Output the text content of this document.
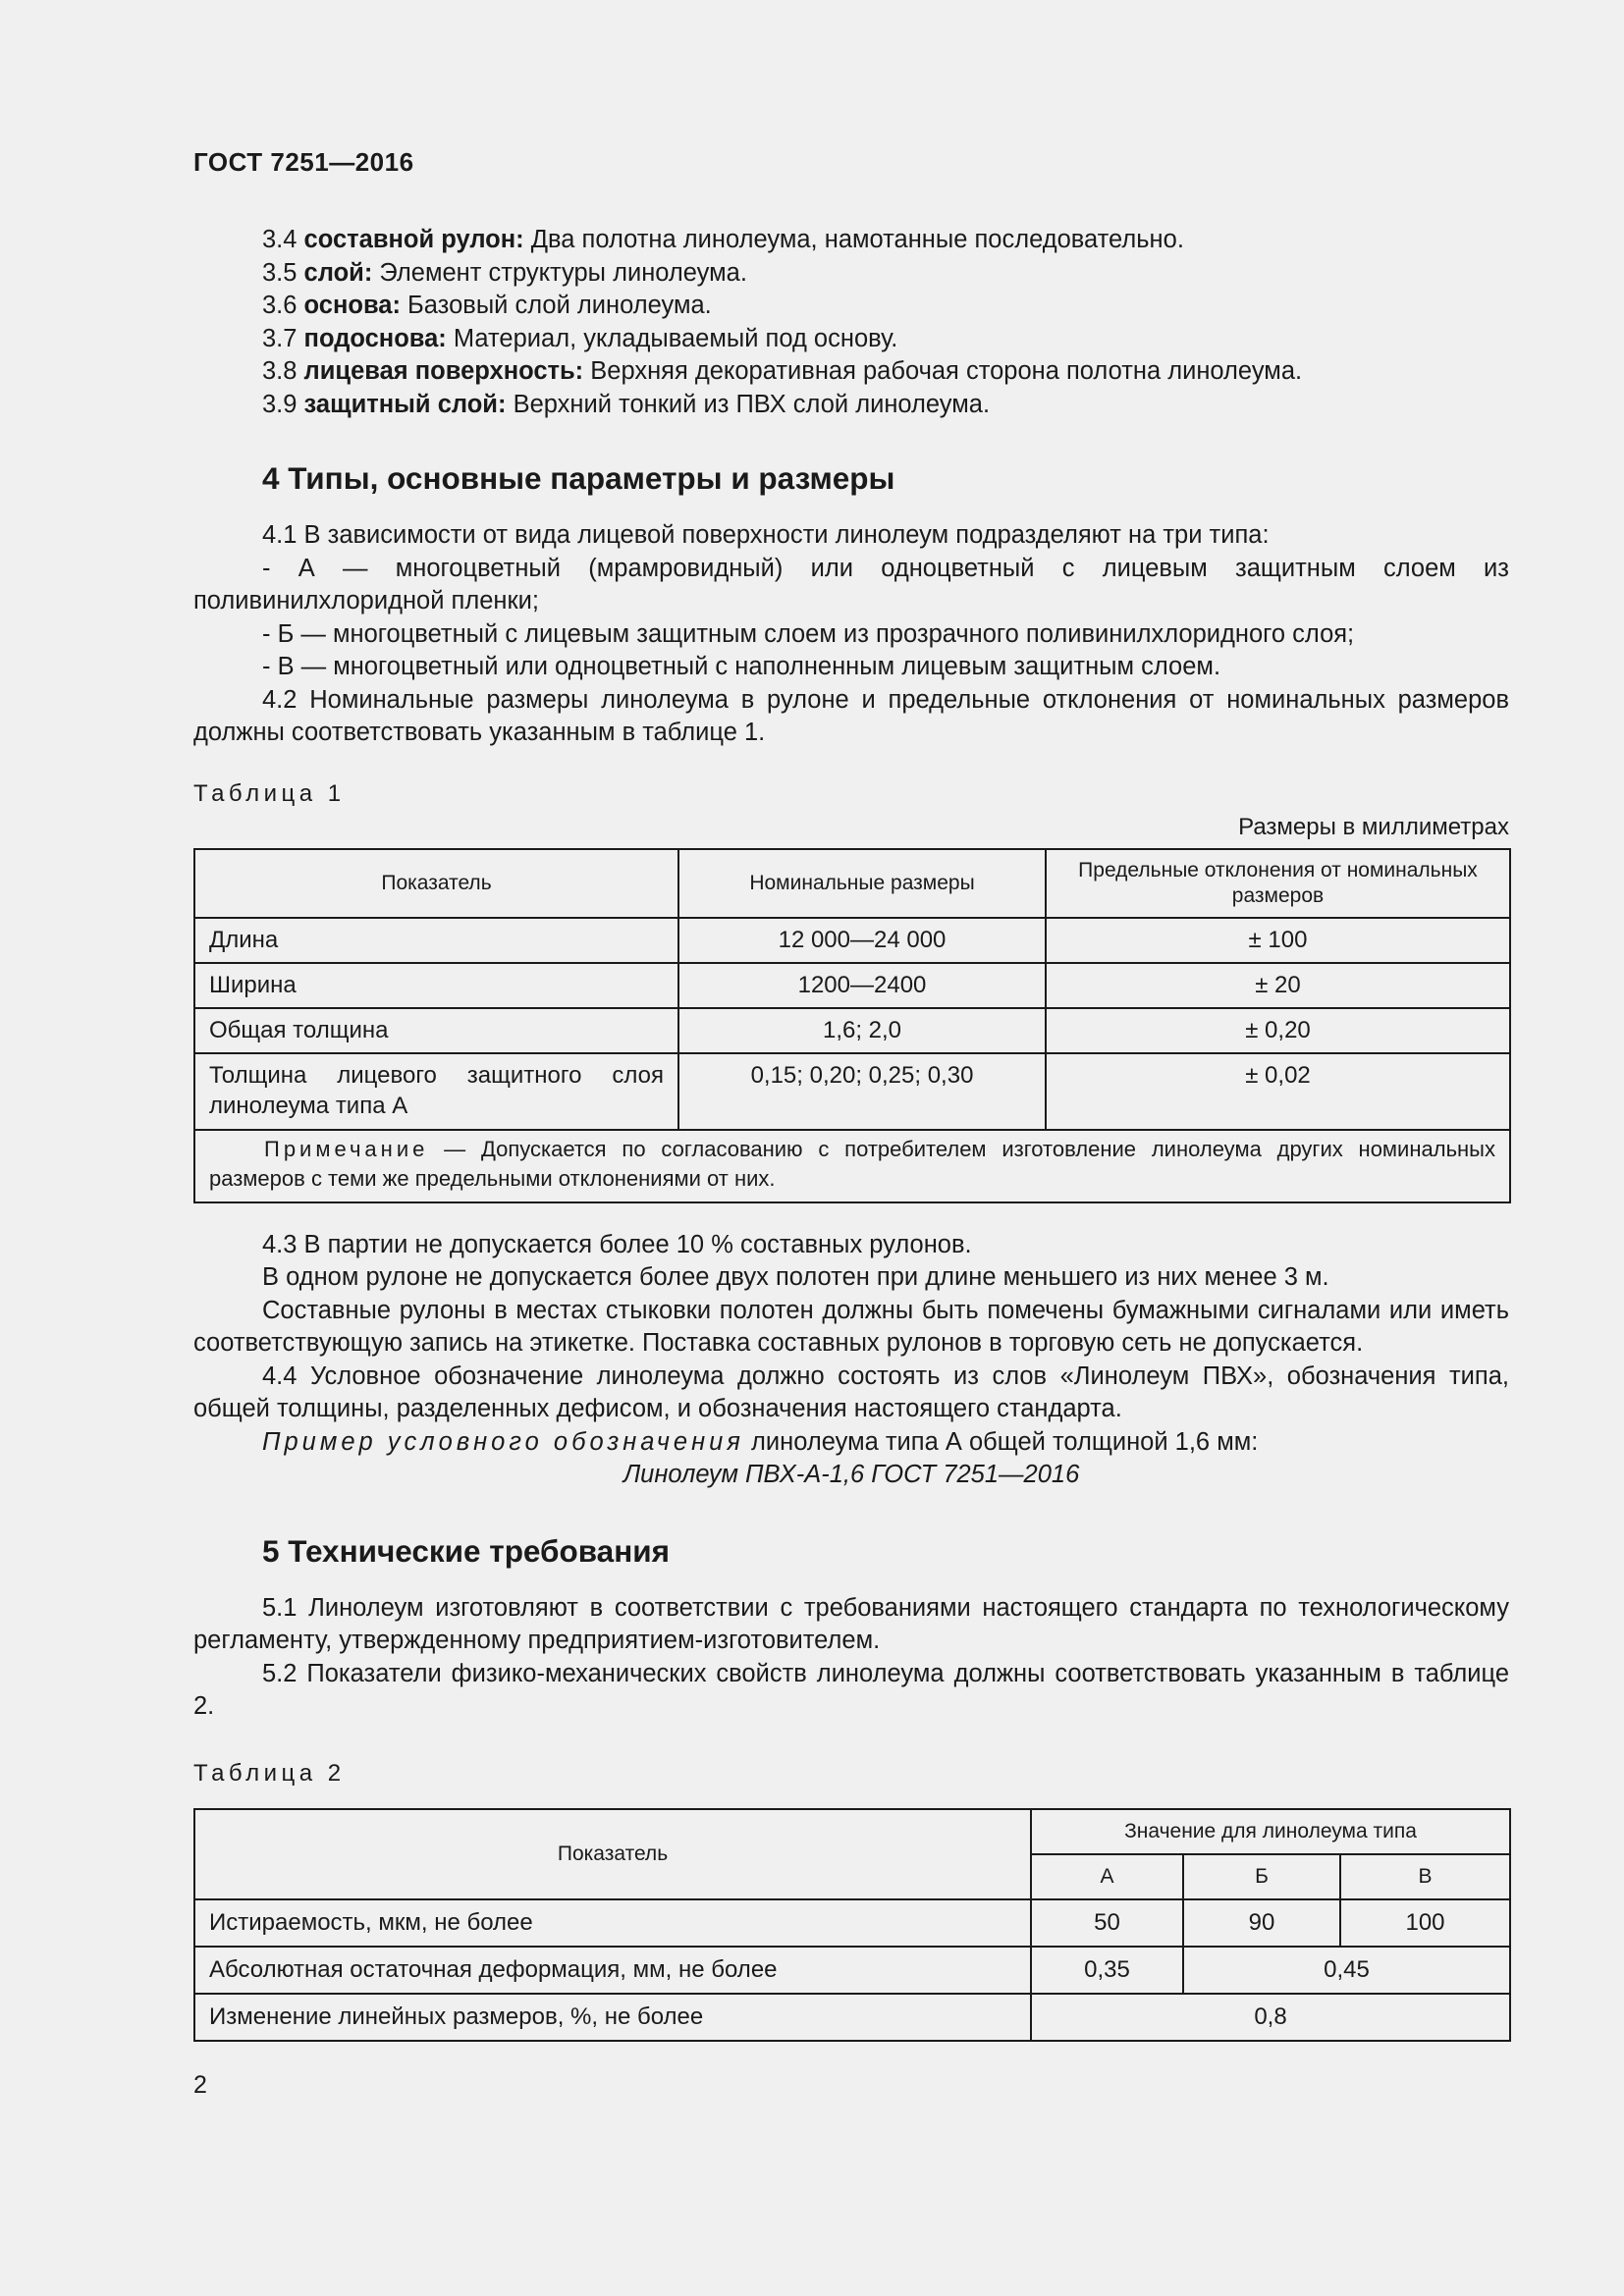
ГОСТ 7251—2016

3.4 составной рулон: Два полотна линолеума, намотанные последовательно.

3.5 слой: Элемент структуры линолеума.

3.6 основа: Базовый слой линолеума.

3.7 подоснова: Материал, укладываемый под основу.

3.8 лицевая поверхность: Верхняя декоративная рабочая сторона полотна линолеума.

3.9 защитный слой: Верхний тонкий из ПВХ слой линолеума.

4 Типы, основные параметры и размеры

4.1 В зависимости от вида лицевой поверхности линолеум подразделяют на три типа:

- А — многоцветный (мрамровидный) или одноцветный с лицевым защитным слоем из поливинилхлоридной пленки;

- Б — многоцветный с лицевым защитным слоем из прозрачного поливинилхлоридного слоя;

- В — многоцветный или одноцветный с наполненным лицевым защитным слоем.

4.2 Номинальные размеры линолеума в рулоне и предельные отклонения от номинальных размеров должны соответствовать указанным в таблице 1.

Таблица 1

Размеры в миллиметрах

Показатель	Номинальные размеры	Предельные отклонения от номинальных размеров
Длина	12 000—24 000	± 100
Ширина	1200—2400	± 20
Общая толщина	1,6; 2,0	± 0,20
Толщина лицевого защитного слоя линолеума типа А	0,15; 0,20; 0,25; 0,30	± 0,02
Примечание — Допускается по согласованию с потребителем изготовление линолеума других номинальных размеров с теми же предельными отклонениями от них.		

4.3 В партии не допускается более 10 % составных рулонов.

В одном рулоне не допускается более двух полотен при длине меньшего из них менее 3 м.

Составные рулоны в местах стыковки полотен должны быть помечены бумажными сигналами или иметь соответствующую запись на этикетке. Поставка составных рулонов в торговую сеть не допускается.

4.4 Условное обозначение линолеума должно состоять из слов «Линолеум ПВХ», обозначения типа, общей толщины, разделенных дефисом, и обозначения настоящего стандарта.

Пример условного обозначения линолеума типа А общей толщиной 1,6 мм:

Линолеум ПВХ-А-1,6 ГОСТ 7251—2016

5 Технические требования

5.1 Линолеум изготовляют в соответствии с требованиями настоящего стандарта по технологическому регламенту, утвержденному предприятием-изготовителем.

5.2 Показатели физико-механических свойств линолеума должны соответствовать указанным в таблице 2.

Таблица 2

Показатель	Значение для линолеума типа		
	А	Б	В
Истираемость, мкм, не более	50	90	100
Абсолютная остаточная деформация, мм, не более	0,35	0,45	
Изменение линейных размеров, %, не более	0,8		
2
